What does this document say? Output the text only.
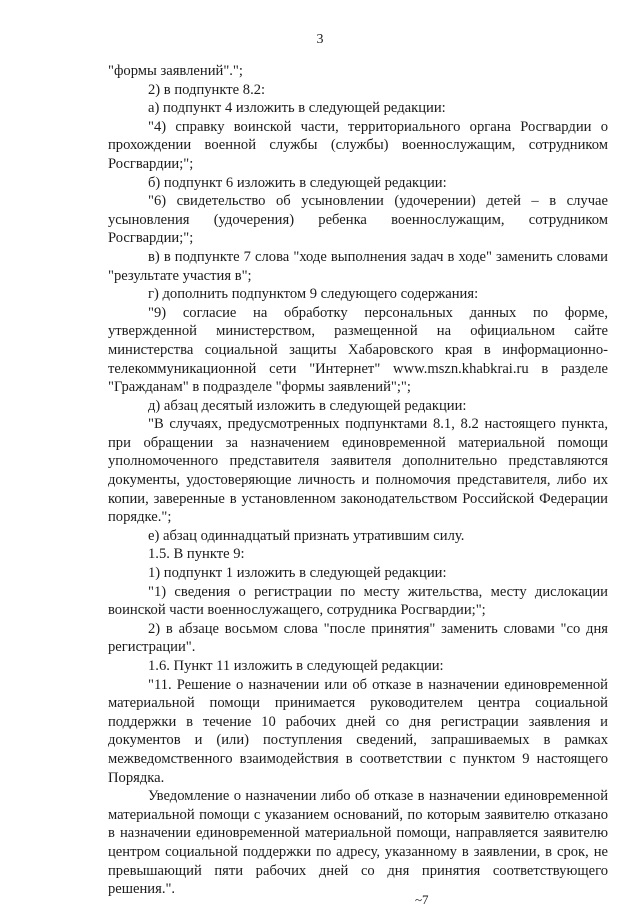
3

"формы заявлений".";

2) в подпункте 8.2:

а) подпункт 4 изложить в следующей редакции:

"4) справку воинской части, территориального органа Росгвардии о прохождении военной службы (службы) военнослужащим, сотрудником Росгвардии;";

б) подпункт 6 изложить в следующей редакции:

"6) свидетельство об усыновлении (удочерении) детей – в случае усыновления (удочерения) ребенка военнослужащим, сотрудником Росгвардии;";

в) в подпункте 7 слова "ходе выполнения задач в ходе" заменить словами "результате участия в";

г) дополнить подпунктом 9 следующего содержания:

"9) согласие на обработку персональных данных по форме, утвержденной министерством, размещенной на официальном сайте министерства социальной защиты Хабаровского края в информационно-телекоммуникационной сети "Интернет" www.mszn.khabkrai.ru в разделе "Гражданам" в подразделе "формы заявлений";";

д) абзац десятый изложить в следующей редакции:

"В случаях, предусмотренных подпунктами 8.1, 8.2 настоящего пункта, при обращении за назначением единовременной материальной помощи уполномоченного представителя заявителя дополнительно представляются документы, удостоверяющие личность и полномочия представителя, либо их копии, заверенные в установленном законодательством Российской Федерации порядке.";

е) абзац одиннадцатый признать утратившим силу.

1.5. В пункте 9:

1) подпункт 1 изложить в следующей редакции:

"1) сведения о регистрации по месту жительства, месту дислокации воинской части военнослужащего, сотрудника Росгвардии;";

2) в абзаце восьмом слова "после принятия" заменить словами "со дня регистрации".

1.6. Пункт 11 изложить в следующей редакции:

"11. Решение о назначении или об отказе в назначении единовременной материальной помощи принимается руководителем центра социальной поддержки в течение 10 рабочих дней со дня регистрации заявления и документов и (или) поступления сведений, запрашиваемых в рамках межведомственного взаимодействия в соответствии с пунктом 9 настоящего Порядка.

Уведомление о назначении либо об отказе в назначении единовременной материальной помощи с указанием оснований, по которым заявителю отказано в назначении единовременной материальной помощи, направляется заявителю центром социальной поддержки по адресу, указанному в заявлении, в срок, не превышающий пяти рабочих дней со дня принятия соответствующего решения.".

~7
